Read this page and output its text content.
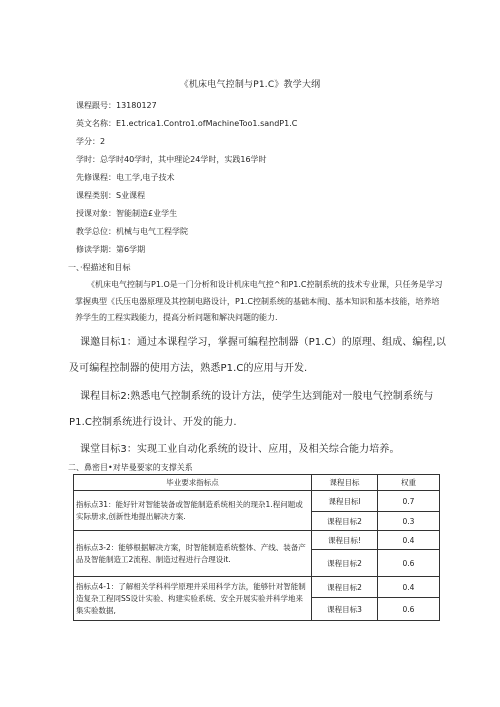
《机床电气控制与P1.C》教学大纲
课程跟号：13180127
英文名称：E1.ectrica1.Contro1.ofMachineToo1.sandP1.C
学分：2
学时：总学时40学时，其中理论24学时，实践16学时
先修课程：电工学,电子技术
课程类别：S业课程
授课对象：智能制造£业学生
教学总位：机械与电气工程学院
修读学期：第6学期
一、·程描述和目标

《机床电气控制与P1.O是一门分析和设计机床电气控^和P1.C控制系统的技术专业课，只任务是学习掌握典型《氏压电器原理及其控制电路设计，P1.C控制系统的基础本闱J、基本知识和基本技能，培养培养学生的工程实践能力，提高分析问题和解决问题的能力.

课邀目标1：通过本课程学习，掌握可编程控制器（P1.C）的原理、组成、编程,以
及可编程控制器的使用方法，熟悉P1.C的应用与开发.
课程目标2:熟悉电气控制系统的设计方法，使学生达到能对一般电气控制系统与
P1.C控制系统进行设计、开发的能力.
课堂目标3：实现工业自动化系统的设计、应用，及相关综合能力培养。
二、鼻密目•对毕曼要家的支撑关系
毕业要求指标点	课程目标	权重
指标点31：能好针对智能装备或智能制造系统相关的现杂1.程问题或实际册求,创新性地提出解决方案.	课程目标l	0.7
	课程目标2	0.3
指标点3-2：能够根据解决方案，时智能制造系统整体、产线、装备产品及智能制造工2流程、制造过程进行合理设it.	课程目标!	0.4
	课程目标2	0.6
指标点4-1：了解相关学科科学原理并采用科学方法，能够针对智能制造复杂工程同SS设计实验、构建实验系统、安全开展实验并科学地来集实验数据,	课程目标2	0.4
	课程目标3	0.6
